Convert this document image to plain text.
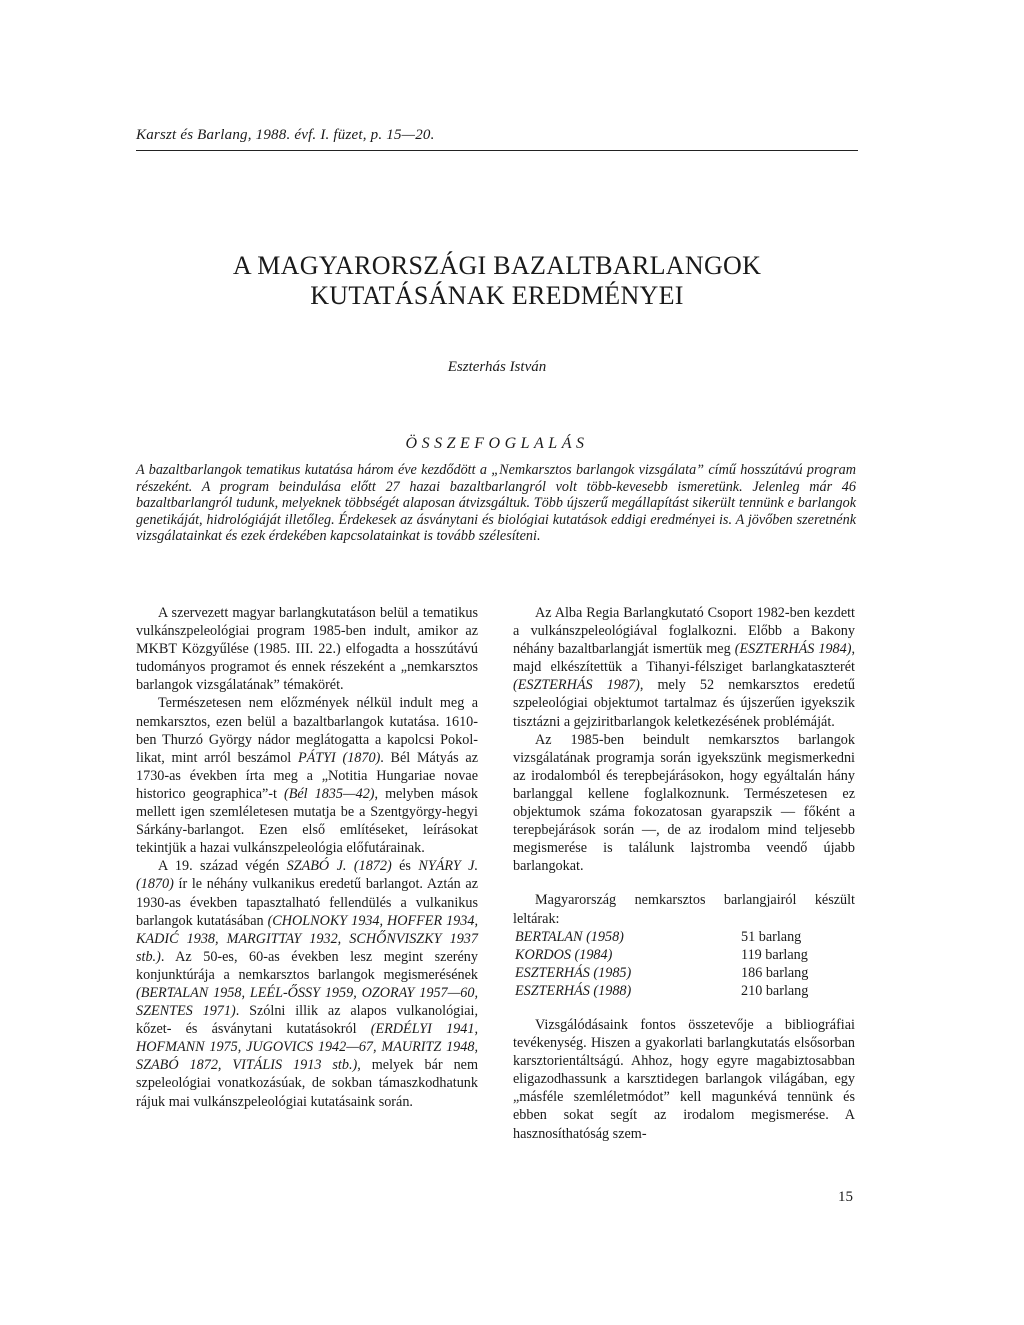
Karszt és Barlang, 1988. évf. I. füzet, p. 15—20.
A MAGYARORSZÁGI BAZALTBARLANGOK
KUTATÁSÁNAK EREDMÉNYEI
Eszterhás István
ÖSSZEFOGLALÁS

A bazaltbarlangok tematikus kutatása három éve kezdődött a „Nemkarsztos barlangok vizsgálata” című hosszútávú program részeként. A program beindulása előtt 27 hazai bazaltbarlangról volt több-kevesebb ismeretünk. Jelenleg már 46 bazaltbarlangról tudunk, melyeknek többségét alaposan átvizsgáltuk. Több újszerű megállapítást sikerült tennünk e barlangok genetikáját, hidrológiáját illetőleg. Érdekesek az ásványtani és biológiai kutatások eddigi eredményei is. A jövőben szeretnénk vizsgálatainkat és ezek érdekében kapcsolatainkat is tovább szélesíteni.

A szervezett magyar barlangkutatáson belül a tematikus vulkánszpeleológiai program 1985-ben indult, amikor az MKBT Közgyűlése (1985. III. 22.) elfogadta a hosszútávú tudományos programot és ennek részeként a „nemkarsztos barlangok vizsgálatának” témakörét.

Természetesen nem előzmények nélkül indult meg a nemkarsztos, ezen belül a bazaltbarlangok kutatása. 1610-ben Thurzó György nádor meglátogatta a kapolcsi Pokol-likat, mint arról beszámol PÁTYI (1870). Bél Mátyás az 1730-as években írta meg a „Notitia Hungariae novae historico geographica”-t (Bél 1835—42), melyben mások mellett igen szemléletesen mutatja be a Szentgyörgy-hegyi Sárkány-barlangot. Ezen első említéseket, leírásokat tekintjük a hazai vulkánszpeleológia előfutárainak.

A 19. század végén SZABÓ J. (1872) és NYÁRY J. (1870) ír le néhány vulkanikus eredetű barlangot. Aztán az 1930-as években tapasztalható fellendülés a vulkanikus barlangok kutatásában (CHOLNOKY 1934, HOFFER 1934, KADIĆ 1938, MARGITTAY 1932, SCHŐNVISZKY 1937 stb.). Az 50-es, 60-as években lesz megint szerény konjunktúrája a nemkarsztos barlangok megismerésének (BERTALAN 1958, LEÉL-ŐSSY 1959, OZORAY 1957—60, SZENTES 1971). Szólni illik az alapos vulkanológiai, kőzet- és ásványtani kutatásokról (ERDÉLYI 1941, HOFMANN 1975, JUGOVICS 1942—67, MAURITZ 1948, SZABÓ 1872, VITÁLIS 1913 stb.), melyek bár nem szpeleológiai vonatkozásúak, de sokban támaszkodhatunk rájuk mai vulkánszpeleológiai kutatásaink során.

Az Alba Regia Barlangkutató Csoport 1982-ben kezdett a vulkánszpeleológiával foglalkozni. Előbb a Bakony néhány bazaltbarlangját ismertük meg (ESZTERHÁS 1984), majd elkészítettük a Tihanyi-félsziget barlangkataszterét (ESZTERHÁS 1987), mely 52 nemkarsztos eredetű szpeleológiai objektumot tartalmaz és újszerűen igyekszik tisztázni a gejziritbarlangok keletkezésének problémáját.

Az 1985-ben beindult nemkarsztos barlangok vizsgálatának programja során igyekszünk megismerkedni az irodalomból és terepbejárásokon, hogy egyáltalán hány barlanggal kellene foglalkoznunk. Természetesen ez objektumok száma fokozatosan gyarapszik — főként a terepbejárások során —, de az irodalom mind teljesebb megismerése is találunk lajstromba veendő újabb barlangokat.

Magyarország nemkarsztos barlangjairól készült leltárak:

BERTALAN (1958)	51 barlang
KORDOS (1984)	119 barlang
ESZTERHÁS (1985)	186 barlang
ESZTERHÁS (1988)	210 barlang

Vizsgálódásaink fontos összetevője a bibliográfiai tevékenység. Hiszen a gyakorlati barlangkutatás elsősorban karsztorientáltságú. Ahhoz, hogy egyre magabiztosabban eligazodhassunk a karsztidegen barlangok világában, egy „másféle szemléletmódot” kell magunkévá tennünk és ebben sokat segít az irodalom megismerése. A hasznosíthatóság szem-

15
